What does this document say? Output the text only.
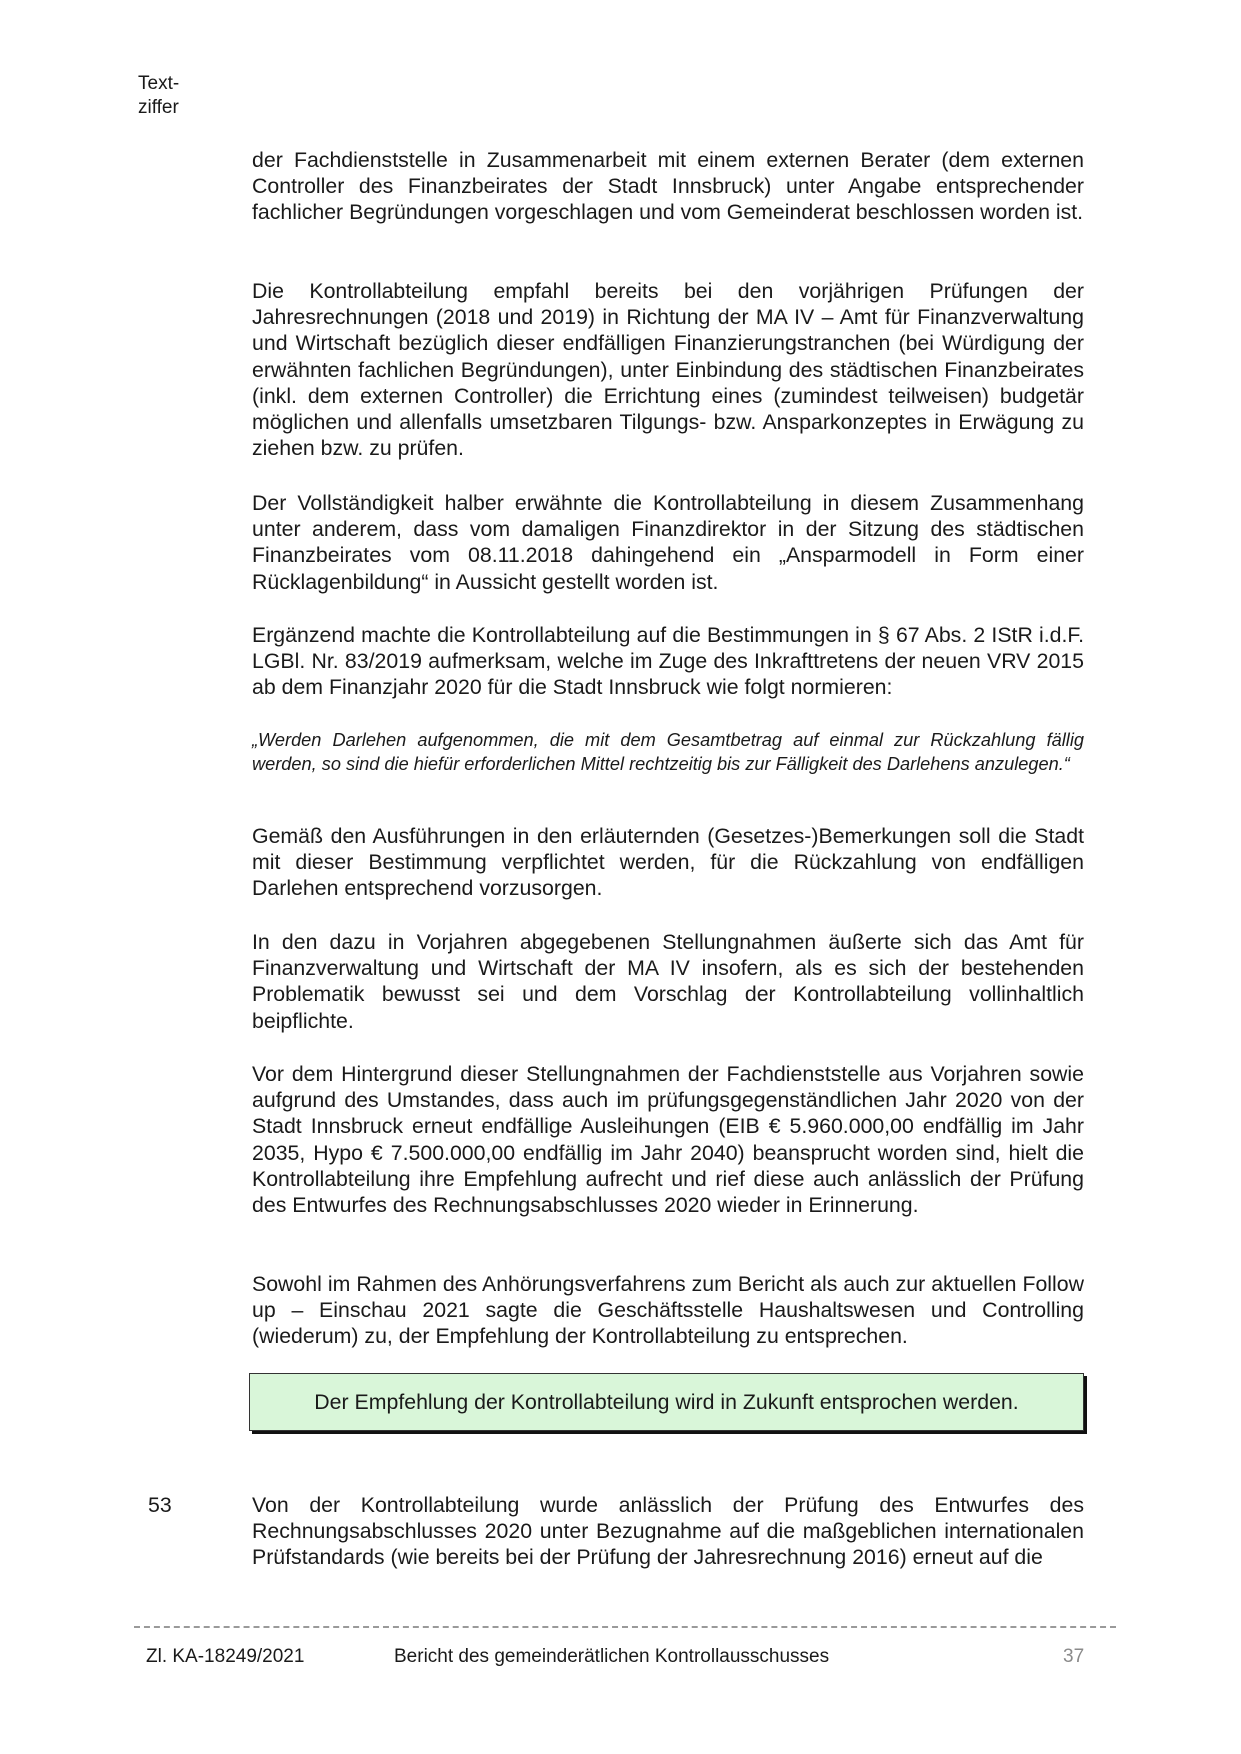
Text-
ziffer

der Fachdienststelle in Zusammenarbeit mit einem externen Berater (dem externen Controller des Finanzbeirates der Stadt Innsbruck) unter Angabe entsprechender fachlicher Begründungen vorgeschlagen und vom Gemeinderat beschlossen worden ist.

Die Kontrollabteilung empfahl bereits bei den vorjährigen Prüfungen der Jahresrechnungen (2018 und 2019) in Richtung der MA IV – Amt für Finanzverwaltung und Wirtschaft bezüglich dieser endfälligen Finanzierungstranchen (bei Würdigung der erwähnten fachlichen Begründungen), unter Einbindung des städtischen Finanzbeirates (inkl. dem externen Controller) die Errichtung eines (zumindest teilweisen) budgetär möglichen und allenfalls umsetzbaren Tilgungs- bzw. Ansparkonzeptes in Erwägung zu ziehen bzw. zu prüfen.

Der Vollständigkeit halber erwähnte die Kontrollabteilung in diesem Zusammenhang unter anderem, dass vom damaligen Finanzdirektor in der Sitzung des städtischen Finanzbeirates vom 08.11.2018 dahingehend ein „Ansparmodell in Form einer Rücklagenbildung“ in Aussicht gestellt worden ist.

Ergänzend machte die Kontrollabteilung auf die Bestimmungen in § 67 Abs. 2 IStR i.d.F. LGBl. Nr. 83/2019 aufmerksam, welche im Zuge des Inkrafttretens der neuen VRV 2015 ab dem Finanzjahr 2020 für die Stadt Innsbruck wie folgt normieren:

„Werden Darlehen aufgenommen, die mit dem Gesamtbetrag auf einmal zur Rückzahlung fällig werden, so sind die hiefür erforderlichen Mittel rechtzeitig bis zur Fälligkeit des Darlehens anzulegen.“

Gemäß den Ausführungen in den erläuternden (Gesetzes-)Bemerkungen soll die Stadt mit dieser Bestimmung verpflichtet werden, für die Rückzahlung von endfälligen Darlehen entsprechend vorzusorgen.

In den dazu in Vorjahren abgegebenen Stellungnahmen äußerte sich das Amt für Finanzverwaltung und Wirtschaft der MA IV insofern, als es sich der bestehenden Problematik bewusst sei und dem Vorschlag der Kontrollabteilung vollinhaltlich beipflichte.

Vor dem Hintergrund dieser Stellungnahmen der Fachdienststelle aus Vorjahren sowie aufgrund des Umstandes, dass auch im prüfungsgegenständlichen Jahr 2020 von der Stadt Innsbruck erneut endfällige Ausleihungen (EIB € 5.960.000,00 endfällig im Jahr 2035, Hypo € 7.500.000,00 endfällig im Jahr 2040) beansprucht worden sind, hielt die Kontrollabteilung ihre Empfehlung aufrecht und rief diese auch anlässlich der Prüfung des Entwurfes des Rechnungsabschlusses 2020 wieder in Erinnerung.

Sowohl im Rahmen des Anhörungsverfahrens zum Bericht als auch zur aktuellen Follow up – Einschau 2021 sagte die Geschäftsstelle Haushaltswesen und Controlling (wiederum) zu, der Empfehlung der Kontrollabteilung zu entsprechen.

Der Empfehlung der Kontrollabteilung wird in Zukunft entsprochen werden.
53	Von der Kontrollabteilung wurde anlässlich der Prüfung des Entwurfes des Rechnungsabschlusses 2020 unter Bezugnahme auf die maßgeblichen internationalen Prüfstandards (wie bereits bei der Prüfung der Jahresrechnung 2016) erneut auf die

Zl. KA-18249/2021	Bericht des gemeinderätlichen Kontrollausschusses	37
